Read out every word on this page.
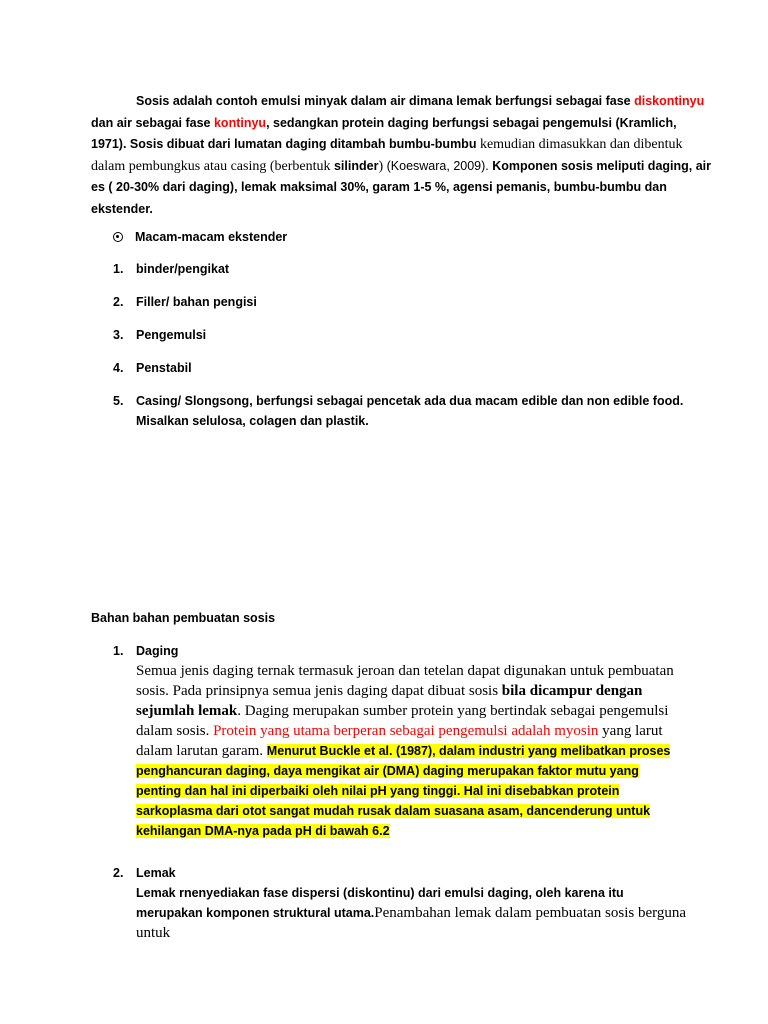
Sosis adalah contoh emulsi minyak dalam air dimana lemak berfungsi sebagai fase diskontinyu dan air sebagai fase kontinyu, sedangkan protein daging berfungsi sebagai pengemulsi (Kramlich, 1971). Sosis dibuat dari lumatan daging ditambah bumbu-bumbu kemudian dimasukkan dan dibentuk dalam pembungkus atau casing (berbentuk silinder) (Koeswara, 2009). Komponen sosis meliputi daging, air es ( 20-30% dari daging), lemak maksimal 30%, garam 1-5 %, agensi pemanis, bumbu-bumbu dan ekstender.
Macam-macam ekstender
1.	binder/pengikat
2.	Filler/ bahan pengisi
3.	Pengemulsi
4.	Penstabil
5.	Casing/ Slongsong, berfungsi sebagai pencetak ada dua macam edible dan non edible food. Misalkan selulosa, colagen dan plastik.
Bahan bahan pembuatan sosis
1.	Daging
Semua jenis daging ternak termasuk jeroan dan tetelan dapat digunakan untuk pembuatan sosis. Pada prinsipnya semua jenis daging dapat dibuat sosis bila dicampur dengan sejumlah lemak. Daging merupakan sumber protein yang bertindak sebagai pengemulsi dalam sosis. Protein yang utama berperan sebagai pengemulsi adalah myosin yang larut dalam larutan garam. Menurut Buckle et al. (1987), dalam industri yang melibatkan proses penghancuran daging, daya mengikat air (DMA) daging merupakan faktor mutu yang penting dan hal ini diperbaiki oleh nilai pH yang tinggi. Hal ini disebabkan protein sarkoplasma dari otot sangat mudah rusak dalam suasana asam, dancenderung untuk kehilangan DMA-nya pada pH di bawah 6.2
2.	Lemak
Lemak rnenyediakan fase dispersi (diskontinu) dari emulsi daging, oleh karena itu merupakan komponen struktural utama.Penambahan lemak dalam pembuatan sosis berguna untuk
